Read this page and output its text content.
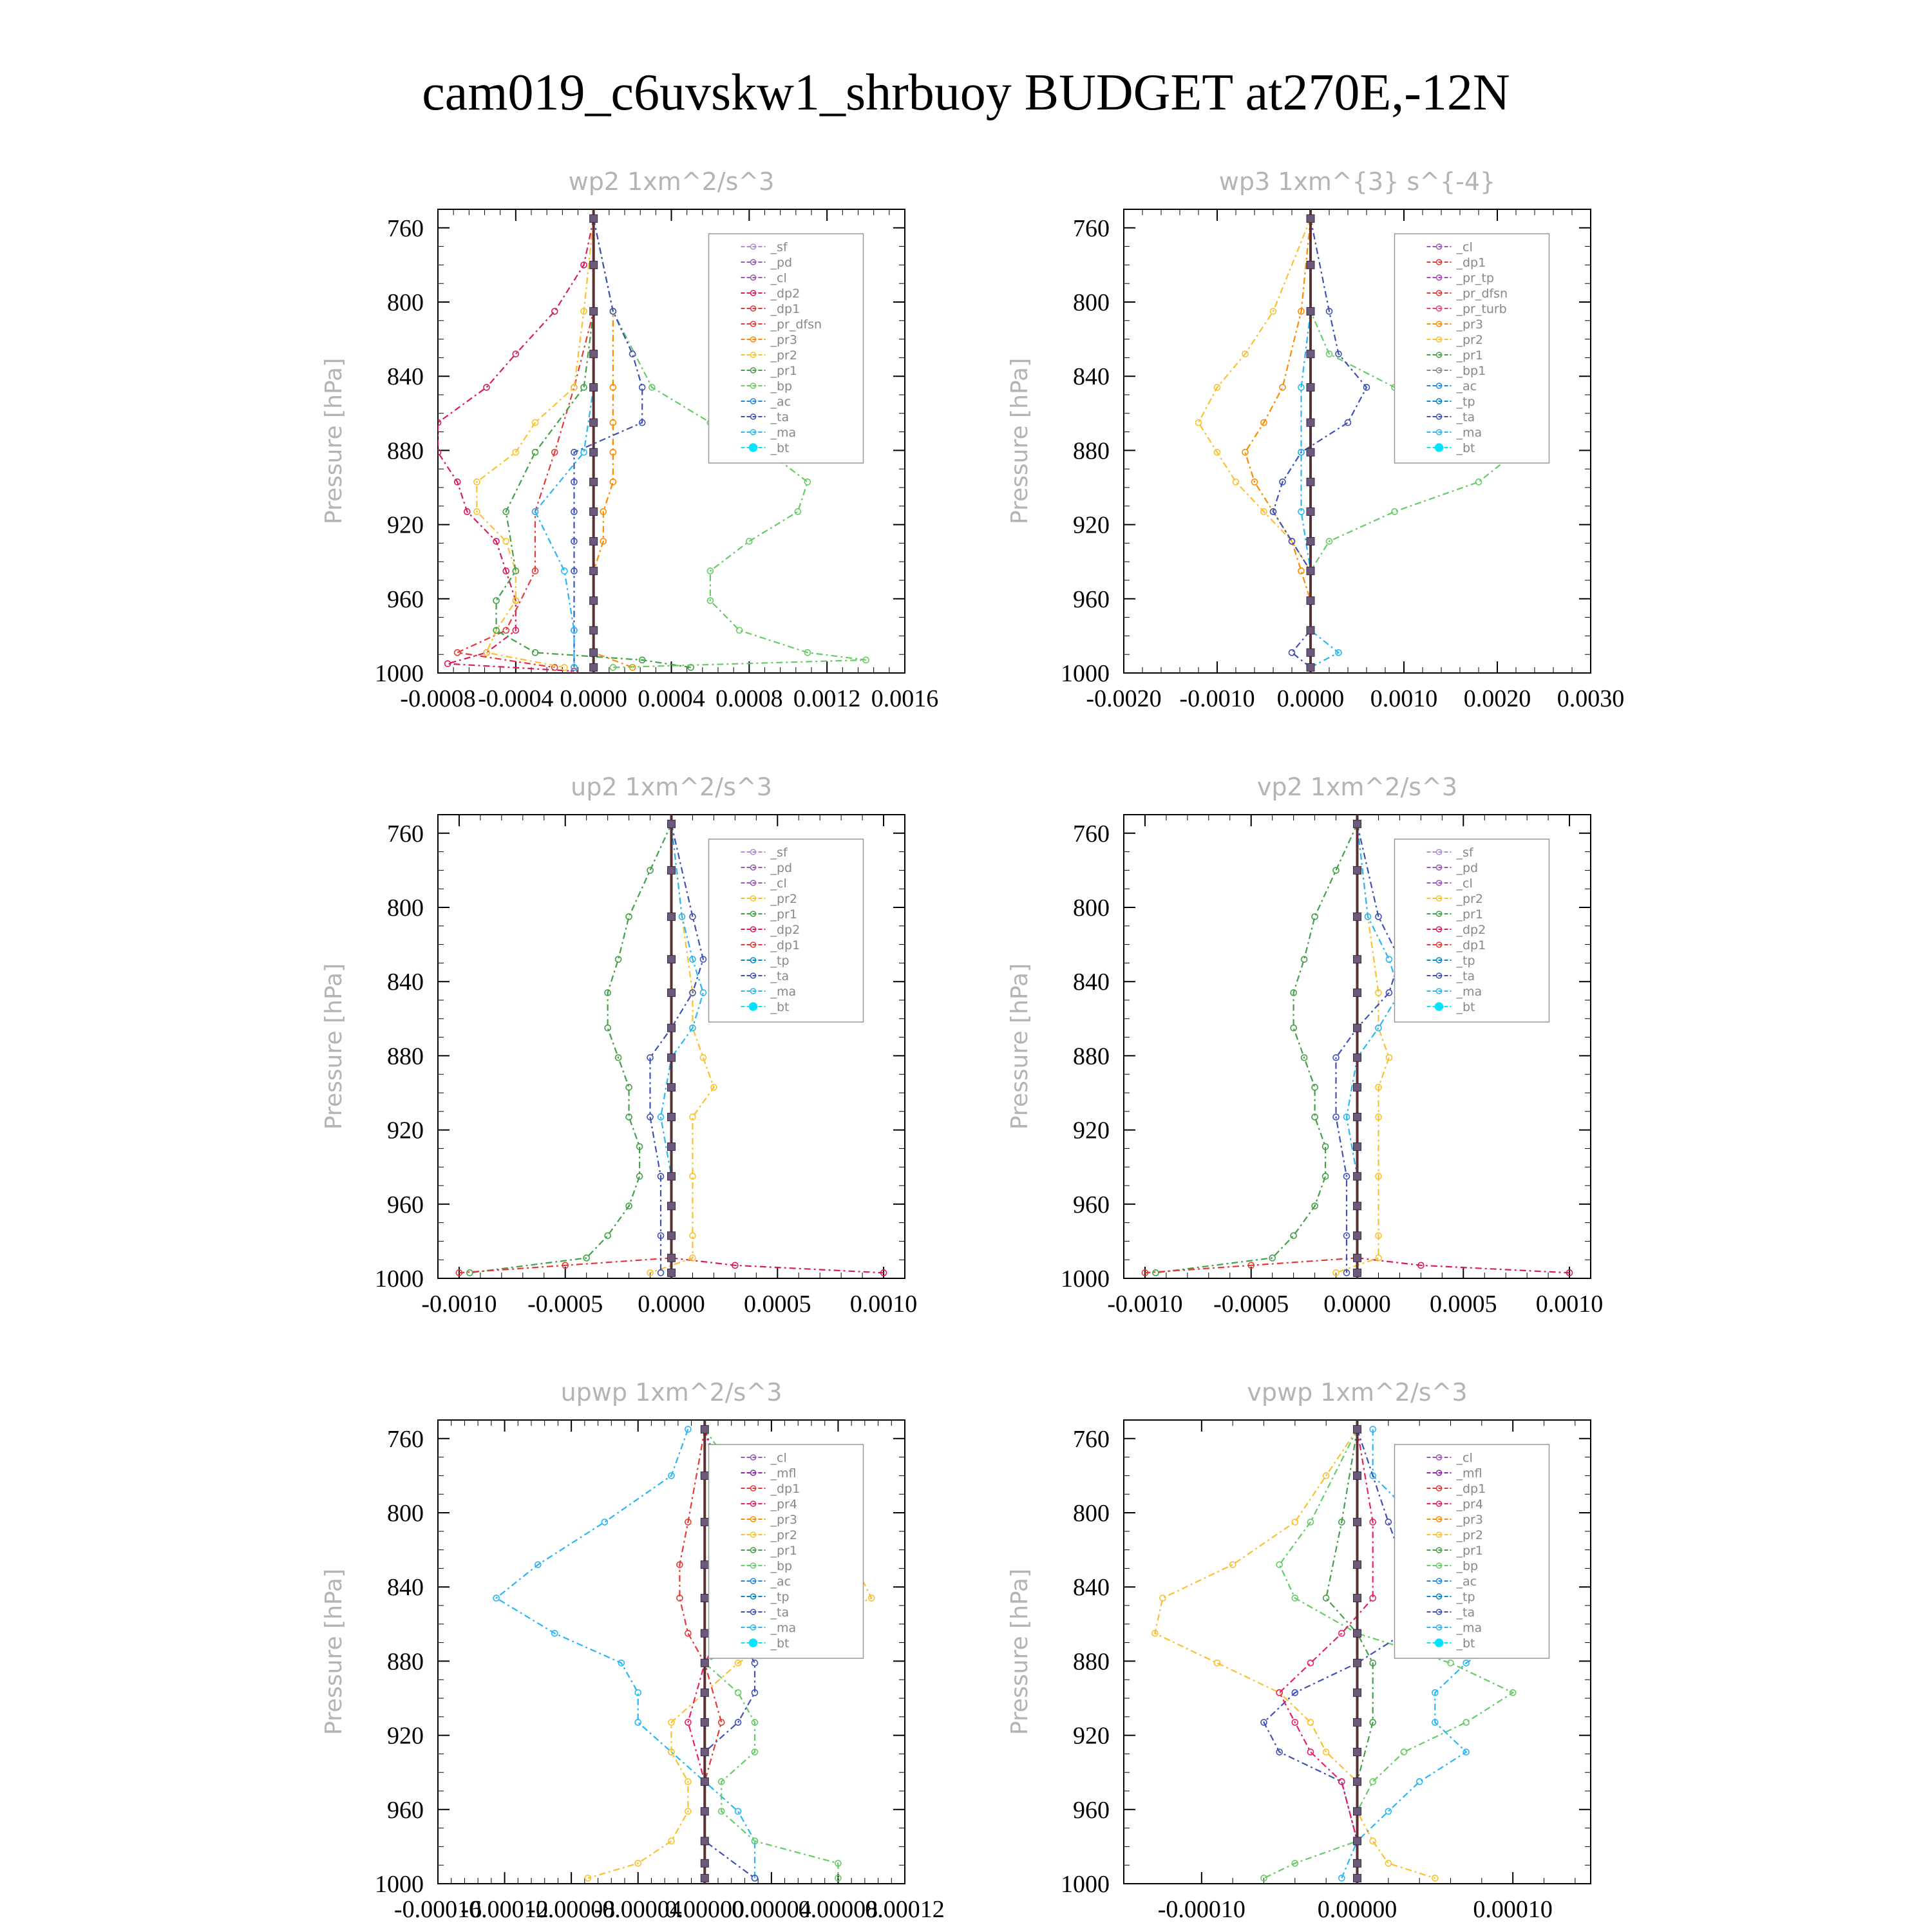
cam019_c6uvskw1_shrbuoy BUDGET at270E,-12N
wp2 1xm^2/s^3
Pressure [hPa]
760
800
840
880
920
960
1000
-0.0008 -0.0004 0.0000 0.0004 0.0008 0.0012 0.0016
_sf
_pd
_cl
_dp2
_dp1
_pr_dfsn
_pr3
_pr2
_pr1
_bp
_ac
_ta
_ma
_bt
wp3 1xm^{3} s^{-4}
Pressure [hPa]
760
800
840
880
920
960
1000
-0.0020 -0.0010 0.0000 0.0010 0.0020 0.0030
_cl
_dp1
_pr_tp
_pr_dfsn
_pr_turb
_pr3
_pr2
_pr1
_bp1
_ac
_tp
_ta
_ma
_bt
up2 1xm^2/s^3
Pressure [hPa]
760
800
840
880
920
960
1000
-0.0010 -0.0005 0.0000 0.0005 0.0010
_sf
_pd
_cl
_pr2
_pr1
_dp2
_dp1
_tp
_ta
_ma
_bt
vp2 1xm^2/s^3
Pressure [hPa]
760
800
840
880
920
960
1000
-0.0010 -0.0005 0.0000 0.0005 0.0010
_sf
_pd
_cl
_pr2
_pr1
_dp2
_dp1
_tp
_ta
_ma
_bt
upwp 1xm^2/s^3
Pressure [hPa]
760
800
840
880
920
960
1000
-0.00016
-0.00012
-0.00008
-0.00004
0.00000
0.00004
0.00008
0.00012
_cl
_mfl
_dp1
_pr4
_pr3
_pr2
_pr1
_bp
_ac
_tp
_ta
_ma
_bt
vpwp 1xm^2/s^3
Pressure [hPa]
760
800
840
880
920
960
1000
-0.00010	0.00000	0.00010
_cl
_mfl
_dp1
_pr4
_pr3
_pr2
_pr1
_bp
_ac
_tp
_ta
_ma
_bt
